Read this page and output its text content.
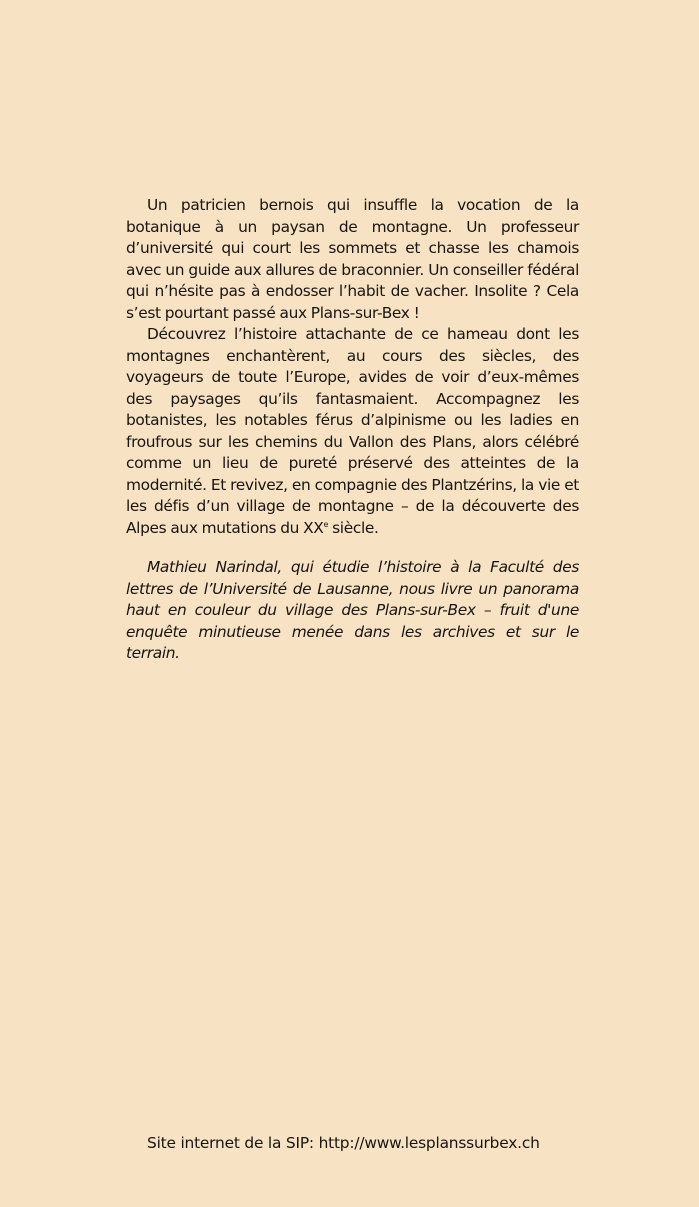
Un patricien bernois qui insuffle la vocation de la botanique à un paysan de montagne. Un professeur d’université qui court les sommets et chasse les chamois avec un guide aux allures de braconnier. Un conseiller fédéral qui n’hésite pas à endosser l’habit de vacher. Insolite ? Cela s’est pourtant passé aux Plans-sur-Bex !

Découvrez l’histoire attachante de ce hameau dont les montagnes enchantèrent, au cours des siècles, des voyageurs de toute l’Europe, avides de voir d’eux-mêmes des paysages qu’ils fantasmaient. Accompagnez les botanistes, les notables férus d’alpinisme ou les ladies en froufrous sur les chemins du Vallon des Plans, alors célébré comme un lieu de pureté préservé des atteintes de la modernité. Et revivez, en compagnie des Plantzérins, la vie et les défis d’un village de montagne – de la découverte des Alpes aux mutations du XXe siècle.

Mathieu Narindal, qui étudie l’histoire à la Faculté des lettres de l’Université de Lausanne, nous livre un panorama haut en couleur du village des Plans-sur-Bex – fruit d'une enquête minutieuse menée dans les archives et sur le terrain.

Site internet de la SIP: http://www.lesplanssurbex.ch
